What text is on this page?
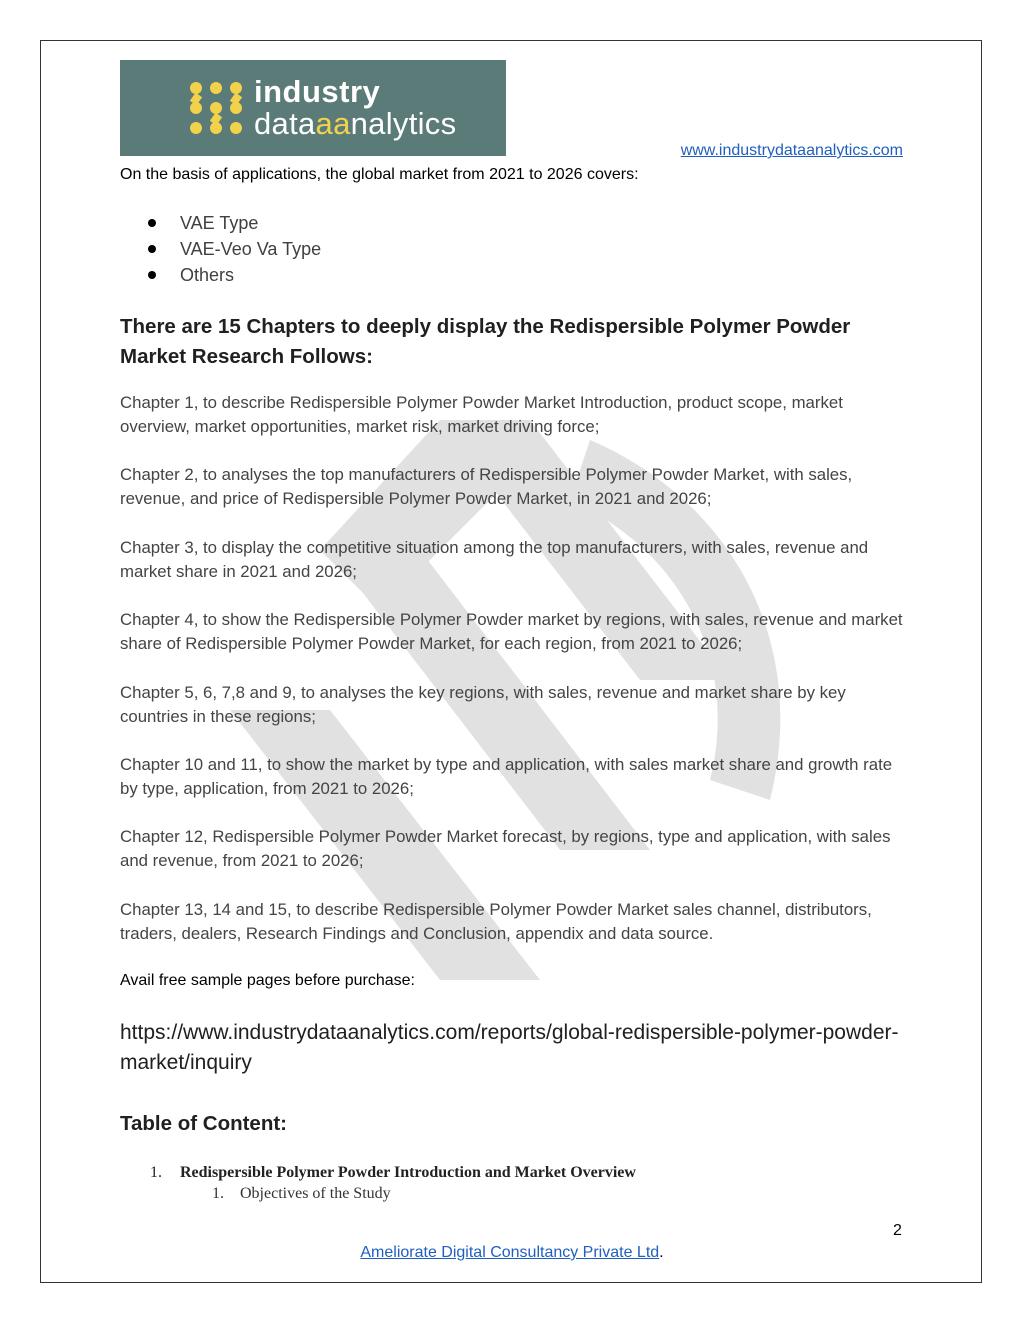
industry
dataaanalytics
www.industrydataanalytics.com
On the basis of applications, the global market from 2021 to 2026 covers:
VAE Type
VAE-Veo Va Type
Others
There are 15 Chapters to deeply display the Redispersible Polymer Powder Market Research Follows:
Chapter 1, to describe Redispersible Polymer Powder Market Introduction, product scope, market overview, market opportunities, market risk, market driving force;
Chapter 2, to analyses the top manufacturers of Redispersible Polymer Powder Market, with sales, revenue, and price of Redispersible Polymer Powder Market, in 2021 and 2026;
Chapter 3, to display the competitive situation among the top manufacturers, with sales, revenue and market share in 2021 and 2026;
Chapter 4, to show the Redispersible Polymer Powder market by regions, with sales, revenue and market share of Redispersible Polymer Powder Market, for each region, from 2021 to 2026;
Chapter 5, 6, 7,8 and 9, to analyses the key regions, with sales, revenue and market share by key countries in these regions;
Chapter 10 and 11, to show the market by type and application, with sales market share and growth rate by type, application, from 2021 to 2026;
Chapter 12, Redispersible Polymer Powder Market forecast, by regions, type and application, with sales and revenue, from 2021 to 2026;
Chapter 13, 14 and 15, to describe Redispersible Polymer Powder Market sales channel, distributors, traders, dealers, Research Findings and Conclusion, appendix and data source.
Avail free sample pages before purchase:
https://www.industrydataanalytics.com/reports/global-redispersible-polymer-powder-market/inquiry
Table of Content:
1. Redispersible Polymer Powder Introduction and Market Overview
1. Objectives of the Study
2
Ameliorate Digital Consultancy Private Ltd.
